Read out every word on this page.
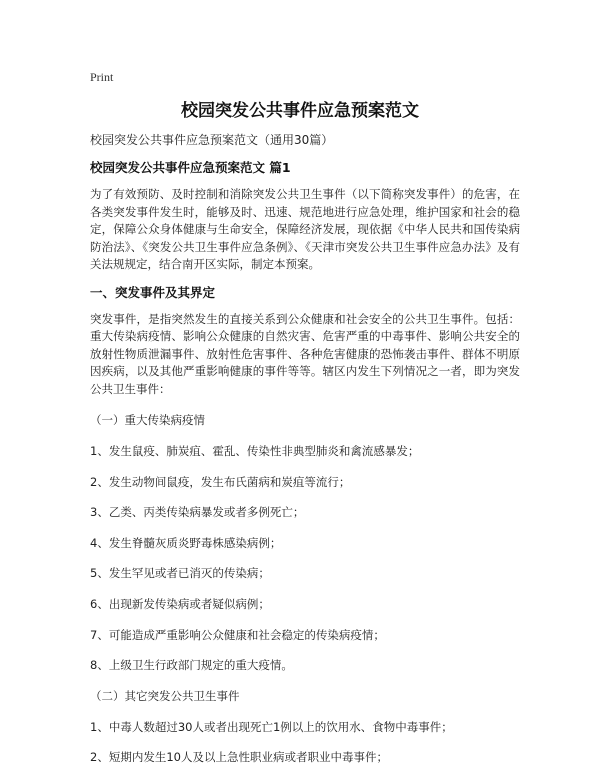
Print
校园突发公共事件应急预案范文

校园突发公共事件应急预案范文（通用30篇）

校园突发公共事件应急预案范文 篇1

为了有效预防、及时控制和消除突发公共卫生事件（以下简称突发事件）的危害，在各类突发事件发生时，能够及时、迅速、规范地进行应急处理，维护国家和社会的稳定，保障公众身体健康与生命安全，保障经济发展，现依据《中华人民共和国传染病防治法》、《突发公共卫生事件应急条例》、《天津市突发公共卫生事件应急办法》及有关法规规定，结合南开区实际，制定本预案。

一、突发事件及其界定

突发事件，是指突然发生的直接关系到公众健康和社会安全的公共卫生事件。包括：重大传染病疫情、影响公众健康的自然灾害、危害严重的中毒事件、影响公共安全的放射性物质泄漏事件、放射性危害事件、各种危害健康的恐怖袭击事件、群体不明原因疾病，以及其他严重影响健康的事件等等。辖区内发生下列情况之一者，即为突发公共卫生事件：

（一）重大传染病疫情

1、发生鼠疫、肺炭疽、霍乱、传染性非典型肺炎和禽流感暴发；

2、发生动物间鼠疫，发生布氏菌病和炭疽等流行；

3、乙类、丙类传染病暴发或者多例死亡；

4、发生脊髓灰质炎野毒株感染病例；

5、发生罕见或者已消灭的传染病；

6、出现新发传染病或者疑似病例；

7、可能造成严重影响公众健康和社会稳定的传染病疫情；

8、上级卫生行政部门规定的重大疫情。

（二）其它突发公共卫生事件

1、中毒人数超过30人或者出现死亡1例以上的饮用水、食物中毒事件；

2、短期内发生10人及以上急性职业病或者职业中毒事件；
